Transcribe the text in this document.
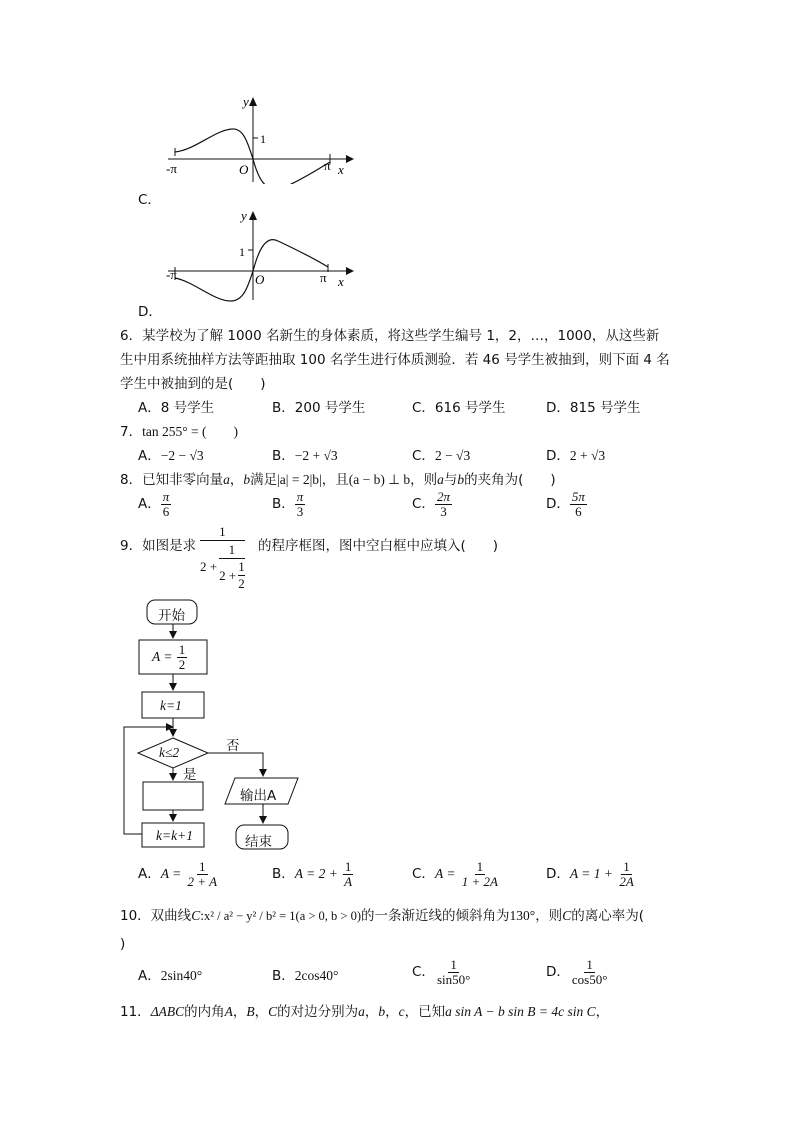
C．
y
1
-π	O	π x
D．
y
1
-π	O	π x
6．某学校为了解 1000 名新生的身体素质，将这些学生编号 1，2，…，1000，从这些新
生中用系统抽样方法等距抽取 100 名学生进行体质测验．若 46 号学生被抽到，则下面 4 名
学生中被抽到的是(　　)
A．8 号学生	B．200 号学生	C．616 号学生	D．815 号学生
7．tan 255° = (　　)
A．−2 − √3	B．−2 + √3	C．2 − √3	D．2 + √3
8．已知非零向量a，b满足|a| = 2|b|，且(a − b) ⊥ b，则a与b的夹角为(　　)
A． $\frac{\pi}{6}$	B． $\frac{\pi}{3}$	C． $\frac{2\pi}{3}$	D． $\frac{5\pi}{6}$
9．如图是求
1
$2 + \frac{1}{2 + \frac{1}{2}}$ 的程序框图，图中空白框中应填入(　　)
开始
$A = \frac{1}{2}$
k=1
k≤2	否
是
输出A
k=k+1	结束
A．$A = \frac{1}{2 + A}$	B．$A = 2 + \frac{1}{A}$	C．$A = \frac{1}{1 + 2A}$	D．$A = 1 + \frac{1}{2A}$
10．双曲线C:x² / a² − y² / b² = 1(a > 0, b > 0)的一条渐近线的倾斜角为130°，则C的离心率为(
)
A．2sin40°	B．2cos40°	C． $\frac{1}{\sin 50^\circ}$	D． $\frac{1}{\cos 50^\circ}$
11．ΔABC的内角A，B，C的对边分别为a，b，c，已知a sin A − b sin B = 4c sin C，
